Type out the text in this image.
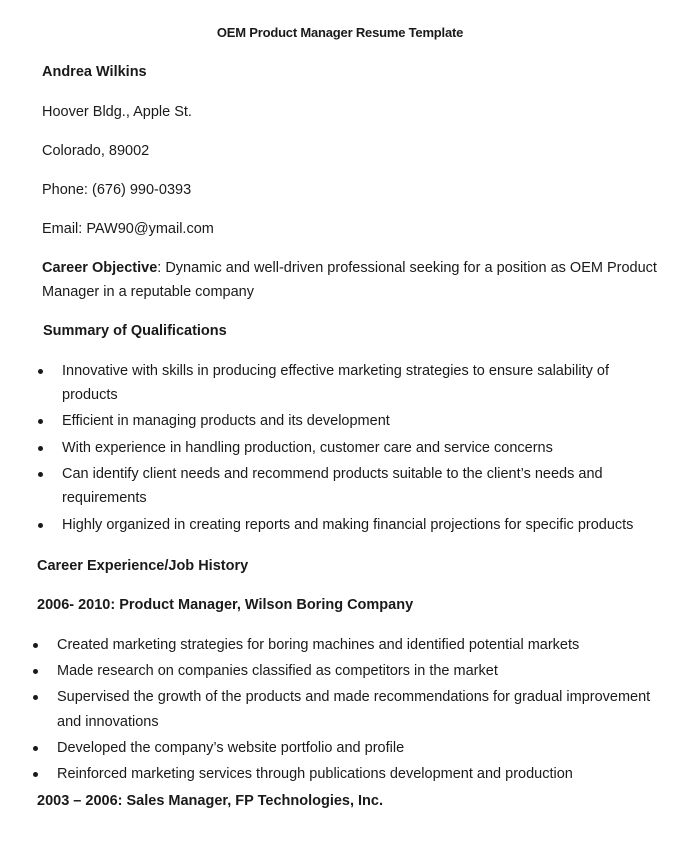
OEM Product Manager Resume Template
Andrea Wilkins
Hoover Bldg., Apple St.
Colorado, 89002
Phone: (676) 990-0393
Email: PAW90@ymail.com
Career Objective: Dynamic and well-driven professional seeking for a position as OEM Product
Manager in a reputable company
Summary of Qualifications
Innovative with skills in producing effective marketing strategies to ensure salability of
products
Efficient in managing products and its development
With experience in handling production, customer care and service concerns
Can identify client needs and recommend products suitable to the client’s needs and
requirements
Highly organized in creating reports and making financial projections for specific products
Career Experience/Job History
2006- 2010: Product Manager, Wilson Boring Company
Created marketing strategies for boring machines and identified potential markets
Made research on companies classified as competitors in the market
Supervised the growth of the products and made recommendations for gradual improvement
and innovations
Developed the company’s website portfolio and profile
Reinforced marketing services through publications development and production
2003 – 2006: Sales Manager, FP Technologies, Inc.
